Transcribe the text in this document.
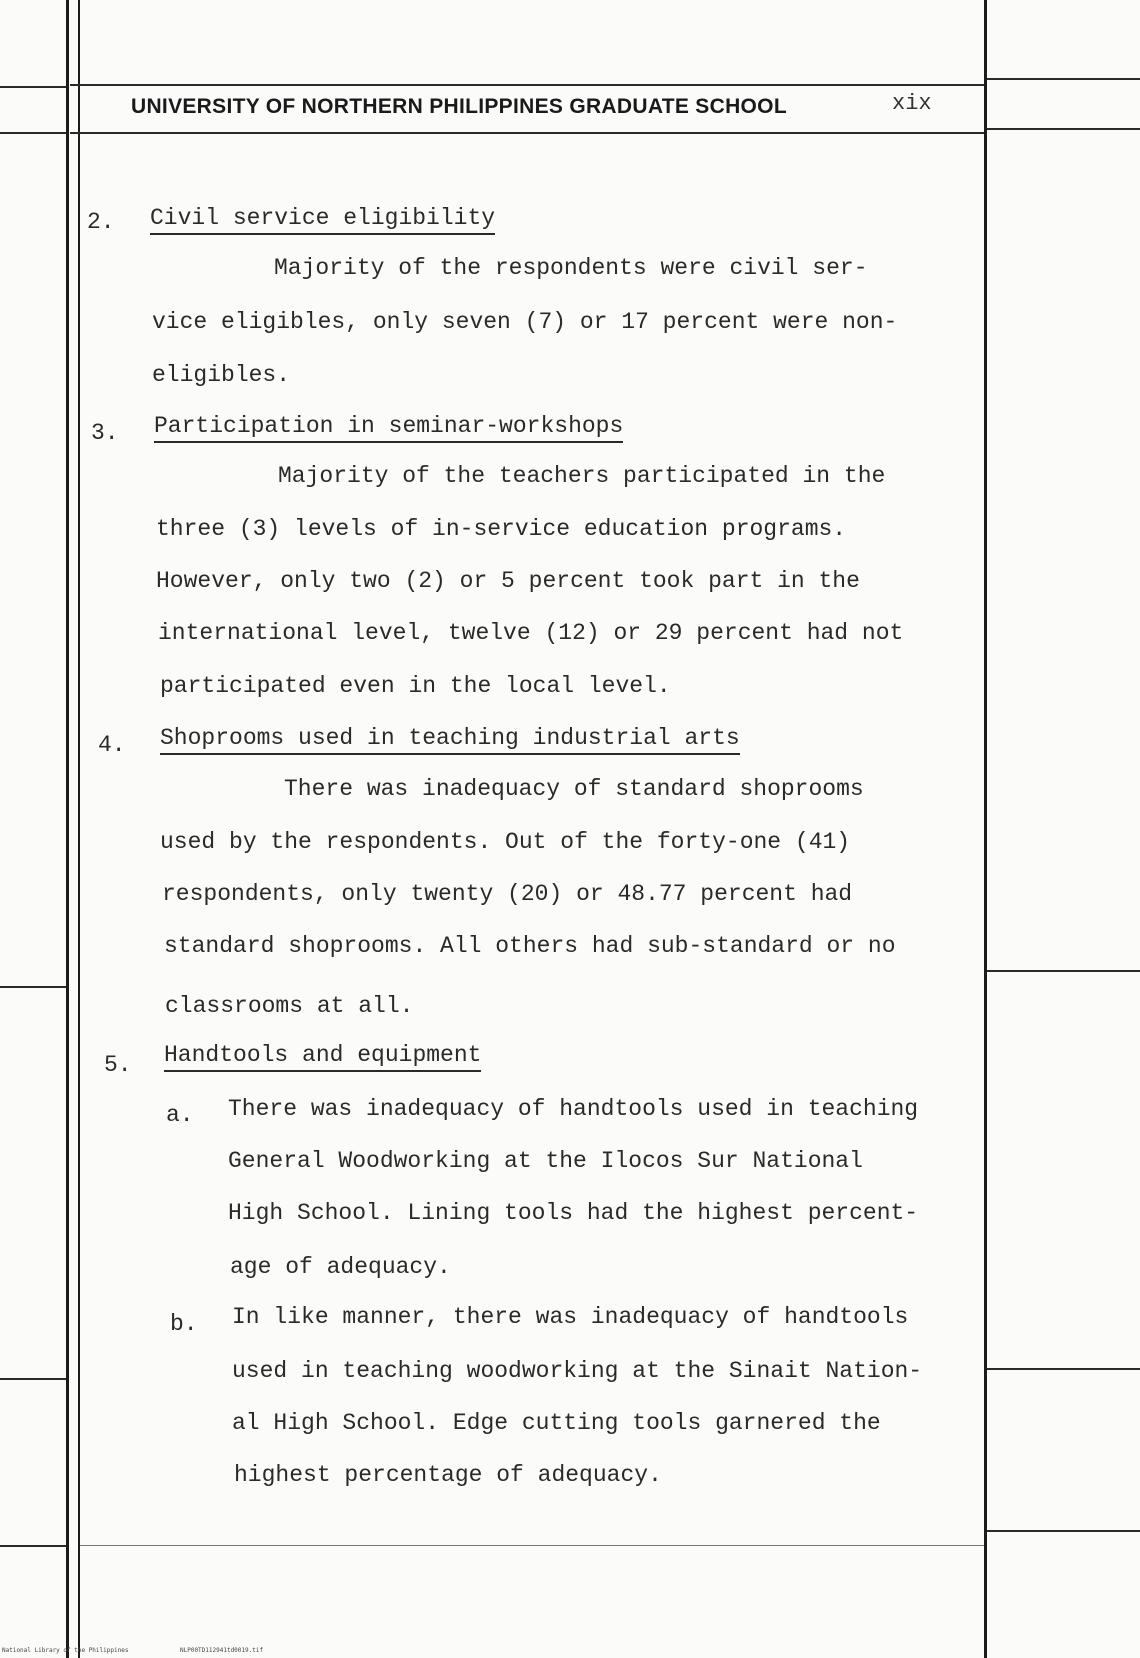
UNIVERSITY OF NORTHERN PHILIPPINES GRADUATE SCHOOL	xix
2. Civil service eligibility
Majority of the respondents were civil ser-
vice eligibles, only seven (7) or 17 percent were non-
eligibles.
3. Participation in seminar-workshops
Majority of the teachers participated in the
three (3) levels of in-service education programs.
However, only two (2) or 5 percent took part in the
international level, twelve (12) or 29 percent had not
participated even in the local level.
4. Shoprooms used in teaching industrial arts
There was inadequacy of standard shoprooms
used by the respondents. Out of the forty-one (41)
respondents, only twenty (20) or 48.77 percent had
standard shoprooms. All others had sub-standard or no
classrooms at all.
5. Handtools and equipment
a. There was inadequacy of handtools used in teaching
General Woodworking at the Ilocos Sur National
High School. Lining tools had the highest percent-
age of adequacy.
b. In like manner, there was inadequacy of handtools
used in teaching woodworking at the Sinait Nation-
al High School. Edge cutting tools garnered the
highest percentage of adequacy.
National Library of the Philippines	NLP00TD112941td0019.tif
